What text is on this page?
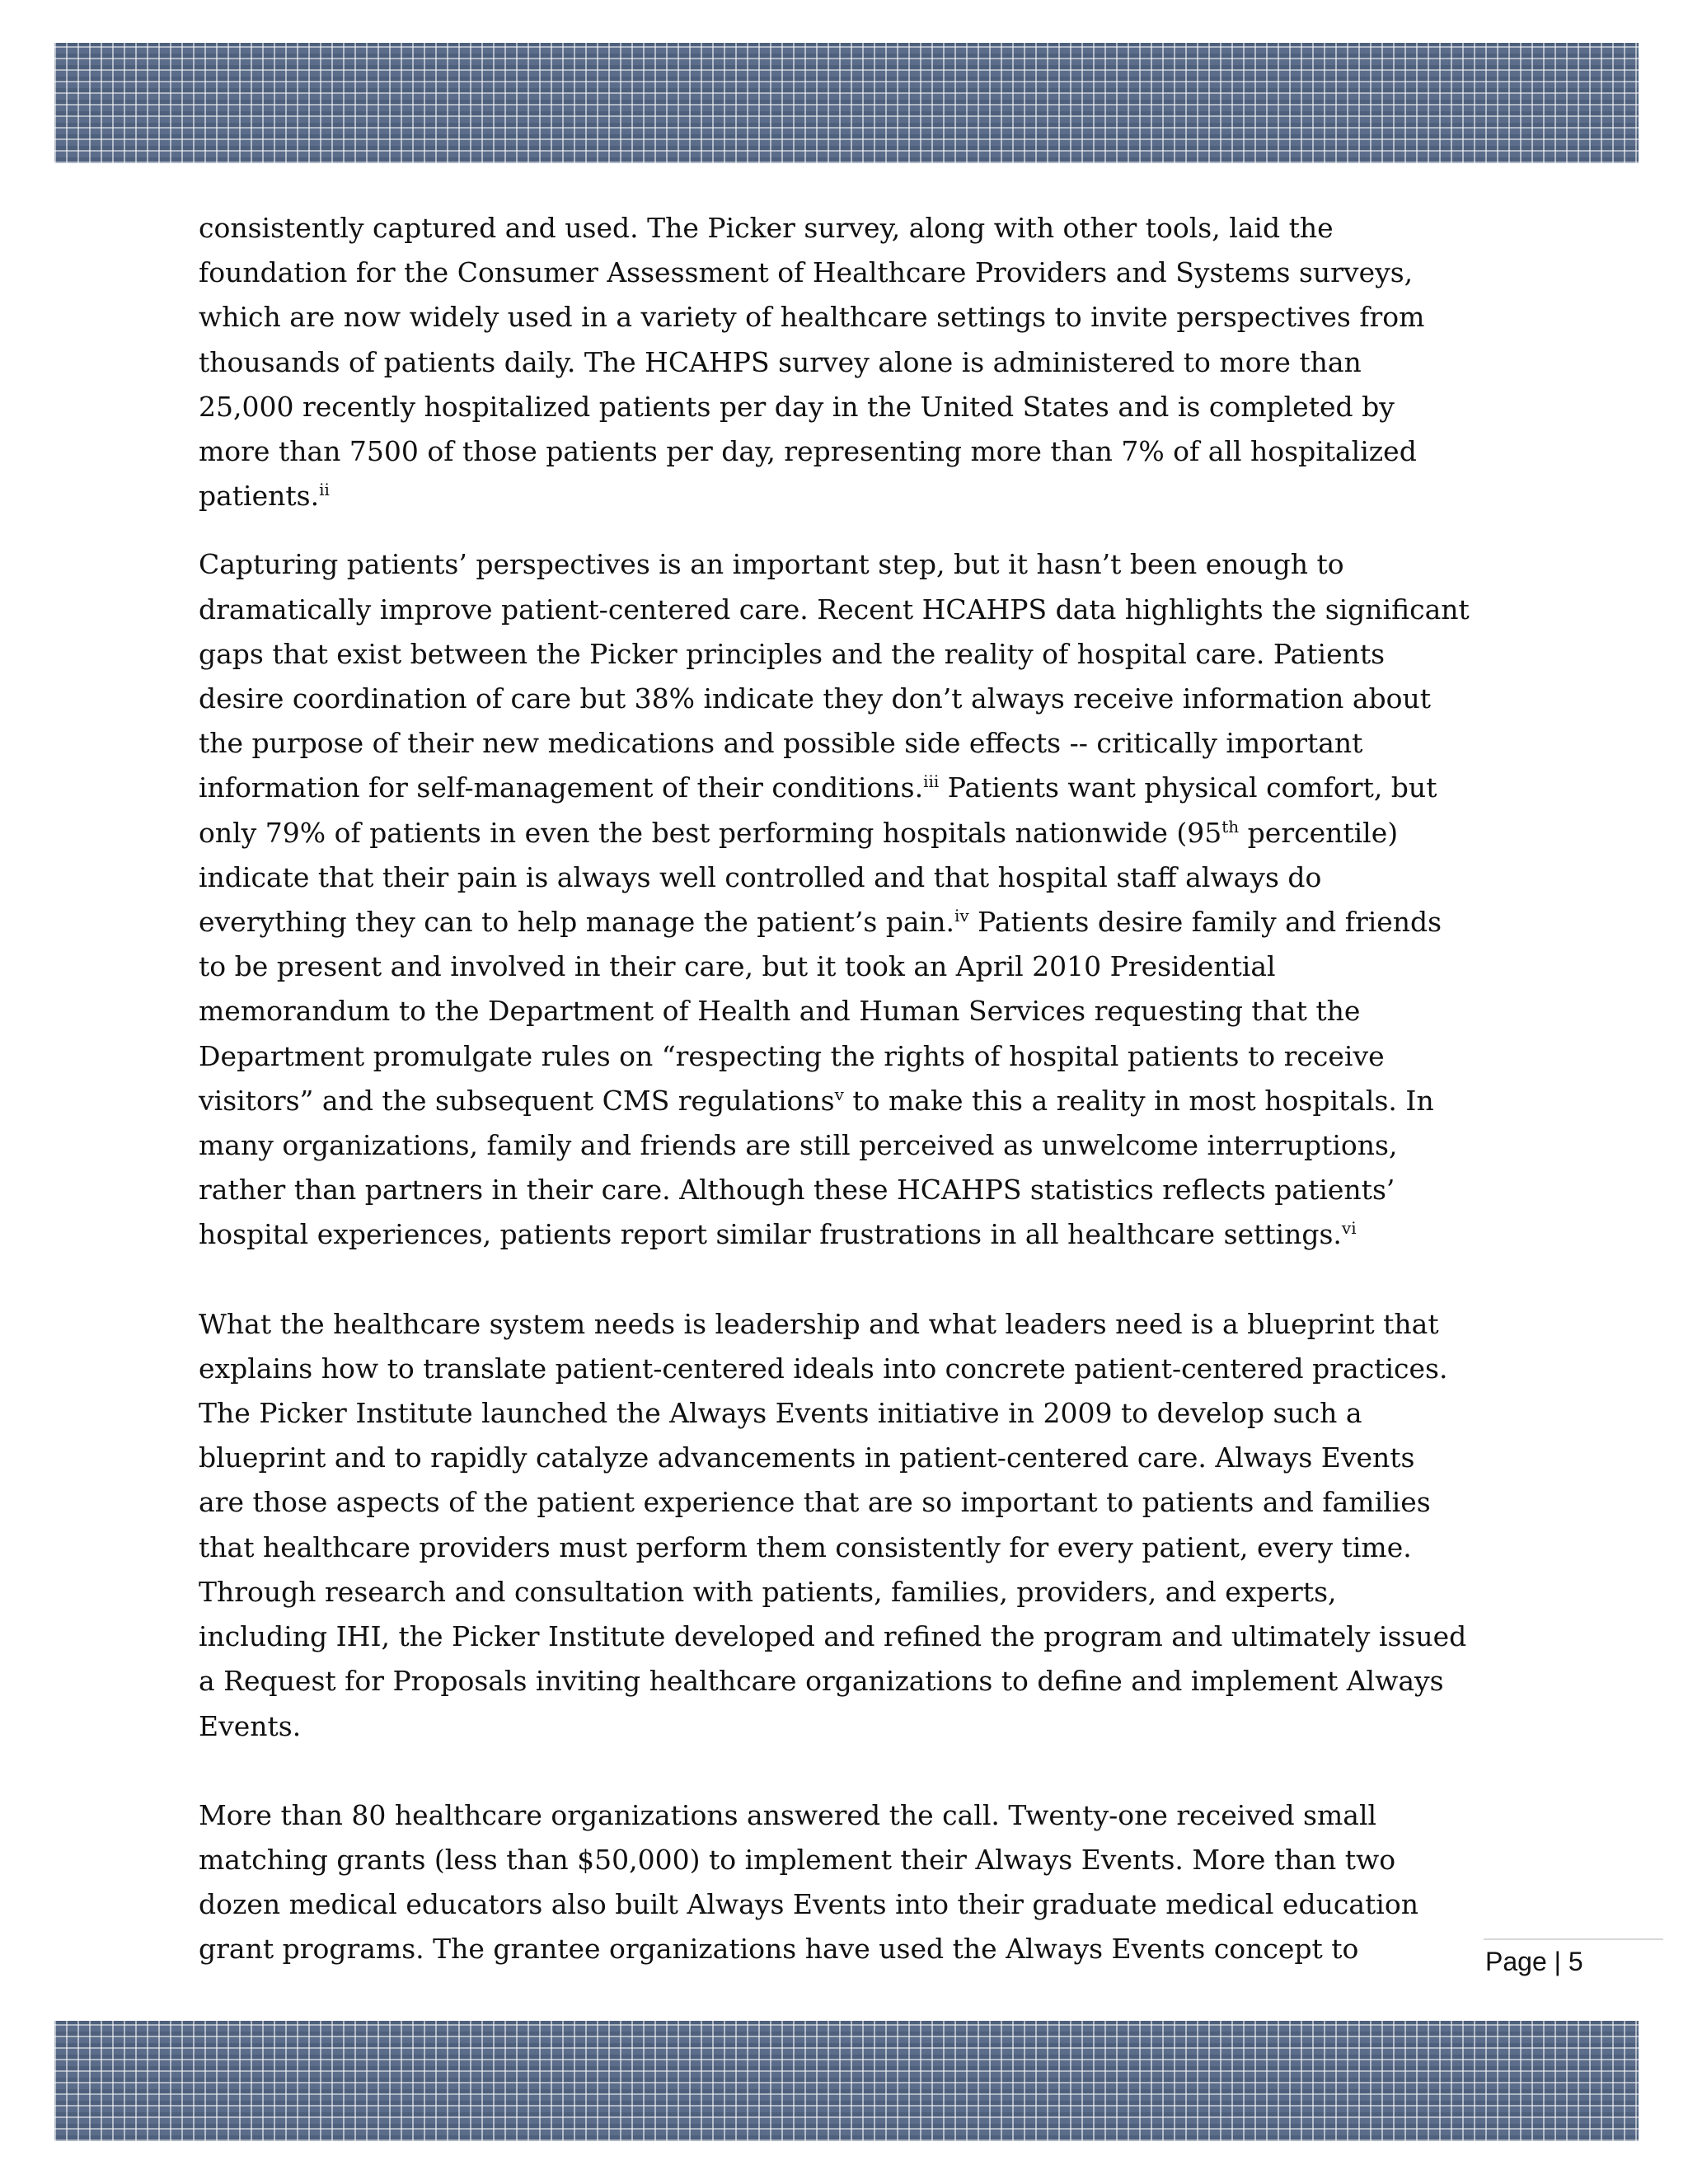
consistently captured and used. The Picker survey, along with other tools, laid the
foundation for the Consumer Assessment of Healthcare Providers and Systems surveys,
which are now widely used in a variety of healthcare settings to invite perspectives from
thousands of patients daily. The HCAHPS survey alone is administered to more than
25,000 recently hospitalized patients per day in the United States and is completed by
more than 7500 of those patients per day, representing more than 7% of all hospitalized
patients.$^{ii}$

Capturing patients’ perspectives is an important step, but it hasn’t been enough to
dramatically improve patient-centered care. Recent HCAHPS data highlights the significant
gaps that exist between the Picker principles and the reality of hospital care. Patients
desire coordination of care but 38% indicate they don’t always receive information about
the purpose of their new medications and possible side effects -- critically important
information for self-management of their conditions.$^{iii}$ Patients want physical comfort, but
only 79% of patients in even the best performing hospitals nationwide (95th percentile)
indicate that their pain is always well controlled and that hospital staff always do
everything they can to help manage the patient’s pain.$^{iv}$ Patients desire family and friends
to be present and involved in their care, but it took an April 2010 Presidential
memorandum to the Department of Health and Human Services requesting that the
Department promulgate rules on “respecting the rights of hospital patients to receive
visitors” and the subsequent CMS regulations$^v$ to make this a reality in most hospitals. In
many organizations, family and friends are still perceived as unwelcome interruptions,
rather than partners in their care. Although these HCAHPS statistics reflects patients’
hospital experiences, patients report similar frustrations in all healthcare settings.$^{vi}$

What the healthcare system needs is leadership and what leaders need is a blueprint that
explains how to translate patient-centered ideals into concrete patient-centered practices.
The Picker Institute launched the Always Events initiative in 2009 to develop such a
blueprint and to rapidly catalyze advancements in patient-centered care. Always Events
are those aspects of the patient experience that are so important to patients and families
that healthcare providers must perform them consistently for every patient, every time.
Through research and consultation with patients, families, providers, and experts,
including IHI, the Picker Institute developed and refined the program and ultimately issued
a Request for Proposals inviting healthcare organizations to define and implement Always
Events.

More than 80 healthcare organizations answered the call. Twenty-one received small
matching grants (less than $50,000) to implement their Always Events. More than two
dozen medical educators also built Always Events into their graduate medical education
grant programs. The grantee organizations have used the Always Events concept to	Page | 5
